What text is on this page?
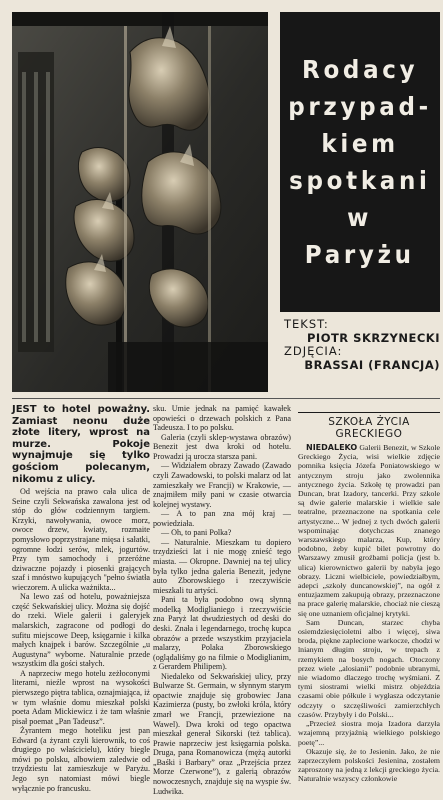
Rodacy
przypad-
kiem
spotkani
w
Paryżu
TEKST:
PIOTR SKRZYNECKI
ZDJĘCIA:
BRASSAI (FRANCJA)
JEST to hotel poważny. Zamiast neonu duże złote litery, wprost na murze. Pokoje wynajmuje się tylko gościom polecanym, nikomu z ulicy.

Od wejścia na prawo cała ulica de Seine czyli Sekwańska zawalona jest od stóp do głów codziennym targiem. Krzyki, nawoływania, owoce morz, owoce drzew, kwiaty, rozmaite pomysłowo poprzystrajane mięsa i sałatki, ogromne łodzi serów, mlek, jogurtów. Przy tym samochody i przeróżne dziwaczne pojazdy i piosenki grających szaf i mnóstwo kupujących "pełno światła wieczorem. A ulicka ważnikta...

Na lewo zaś od hotelu, poważniejsza część Sekwańskiej ulicy. Można się dojść do rzeki. Wiele galerii i galeryjek malarskich, zagracone od podłogi do sufitu miejscowe Deep, księgarnie i kilka małych knajpek i barów. Szczególnie „u Augustyna” wyborne. Naturalnie przede wszystkim dla gości stałych.

A naprzeciw mego hotelu zeżłoconymi literami, nieźle wprost na wysokości pierwszego piętra tablica, oznajmiająca, iż w tym właśnie domu mieszkał polski poeta Adam Mickiewicz i że tam właśnie pisał poemat „Pan Tadeusz”.

Żyrantem mego hoteliku jest pan Edward (a żyrant czyli kierownik, to coś drugiego po właścicielu), który biegle mówi po polsku, albowiem zaledwie od trzydziestu lat zamieszkuje w Paryżu. Jego syn natomiast mówi biegle wyłącznie po francusku.

sku. Umie jednak na pamięć kawałek opowieści o drzewach polskich z Pana Tadeusza. I to po polsku.

Galeria (czyli sklep-wystawa obrazów) Benezit jest dwa kroki od hotelu. Prowadzi ją urocza starsza pani.

— Widziałem obrazy Zawado (Zawado czyli Zawadowski, to polski malarz od lat zamieszkały we Francji) w Krakowie, — znajmiłem miły pani w czasie otwarcia kolejnej wystawy.

— A to pan zna mój kraj — powiedziała.

— Oh, to pani Polka?

— Naturalnie. Mieszkam tu dopiero trzydzieści lat i nie mogę znieść tego miasta. — Okropne. Dawniej na tej ulicy była tylko jedna galeria Benezit, jedyne auto Zborowskiego i rzeczywiście mieszkali tu artyści.

Pani ta była podobno ową słynną modelką Modiglianiego i rzeczywiście zna Paryż lat dwudziestych od deski do deski. Znała i legendarnego, trochę kupca obrazów a przede wszystkim przyjaciela malarzy, Polaka Zborowskiego (oglądaliśmy go na filmie o Modiglianim, z Gerardem Philipem).

Niedaleko od Sekwańskiej ulicy, przy Bulwarze St. Germain, w słynnym starym opactwie znajduje się grobowiec Jana Kazimierza (pusty, bo zwłoki króla, który zmarł we Francji, przewiezione na Wawel). Dwa kroki od tego opactwa mieszkał generał Sikorski (też tablica). Prawie naprzeciw jest księgarnia polska. Druga, pana Romanowicza (mężą autorki „Baśki i Barbary” oraz „Przejścia przez Morze Czerwone”), z galerią obrazów nowoczesnych, znajduje się na wyspie św. Ludwika.

SZKOŁA ŻYCIA
GRECKIEGO

NIEDALEKO Galerii Benezit, w Szkole Greckiego Życia, wisi wielkie zdjęcie pomnika księcia Józefa Poniatowskiego w antycznym stroju jako zwolennika antycznego życia. Szkołę tę prowadzi pan Duncan, brat Izadory, tancerki. Przy szkole są dwie galerie malarskie i wielkie sale teatralne, przeznaczone na spotkania cele artystyczne... W jednej z tych dwóch galerii wspominając dotychczas znanego warszawskiego malarza, Kup, który podobno, żeby kupić bilet powrotny do Warszawy zmusił groźbami policja (jest b. ulica) kierownictwo galerii by nabyła jego obrazy. Liczni wielbiciele, powiedziałbym, adepci „szkoły duncanowskiej”, na ogół z entuzjazmem zakupują obrazy, przeznaczone na prace galerię malarskie, chociaż nie cieszą się one uznaniem oficjalnej krytyki.

Sam Duncan, starzec chyba osiemdziesięcioletni albo i więcej, siwa broda, piękne zaplecione warkocze, chodzi w lnianym długim stroju, w trepach z rzemykiem na bosych nogach. Otoczony przez wiele „alosianii” podobnie ubranymi, nie wiadomo dlaczego trochę wyśmiani. Z tymi siostrami wielki mistrz objeździa czasami obie półkule i wygłasza odczytanie odczyty o szczęśliwości zamierzchłych czasów. Przybyły i do Polski...

„Przecież siostra moja Izadora darzyła wzajemną przyjaźnią wielkiego polskiego poetę”...

Okazuje się, że to Jesienin. Jako, że nie zaprzeczyłem polskości Jesienina, zostałem zaproszony na jedną z lekcji greckiego życia. Naturalnie wszyscy członkowie
